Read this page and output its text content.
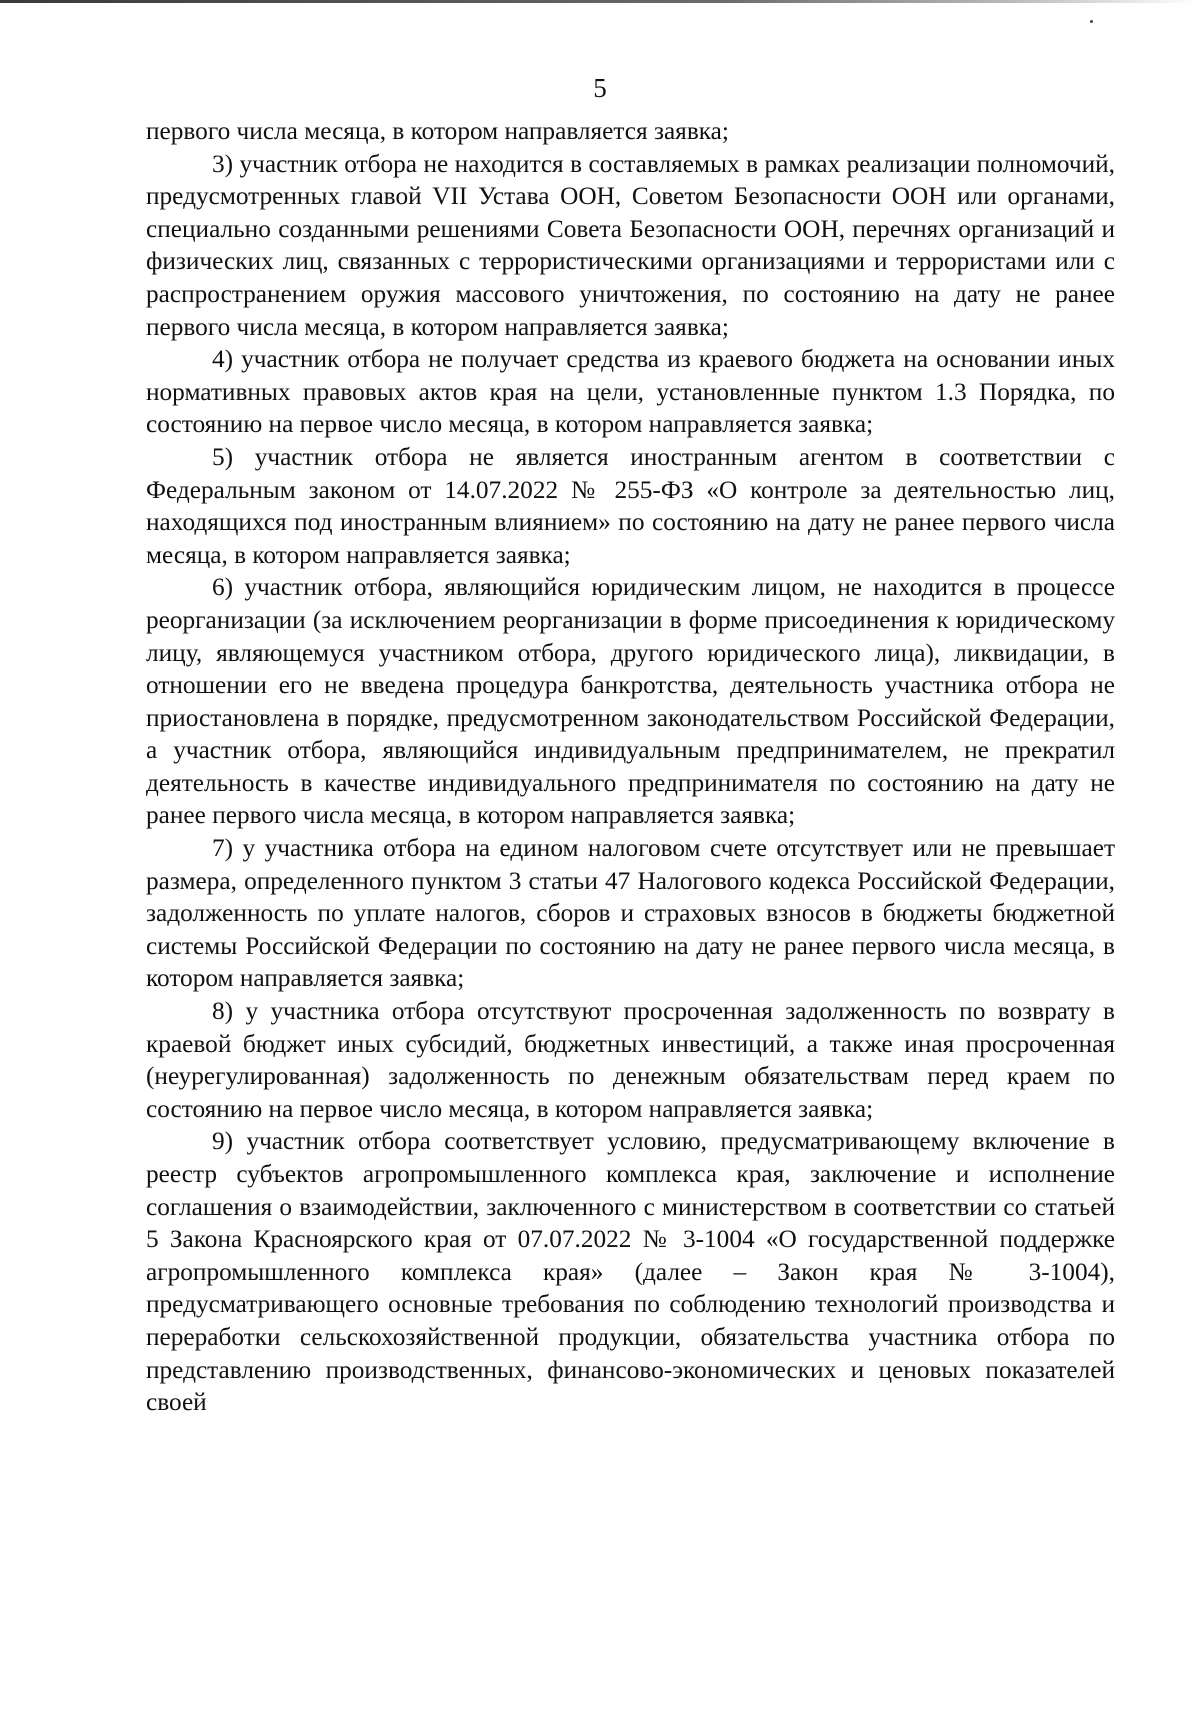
5

первого числа месяца, в котором направляется заявка;

3) участник отбора не находится в составляемых в рамках реализации полномочий, предусмотренных главой VII Устава ООН, Советом Безопасности ООН или органами, специально созданными решениями Совета Безопасности ООН, перечнях организаций и физических лиц, связанных с террористическими организациями и террористами или с распространением оружия массового уничтожения, по состоянию на дату не ранее первого числа месяца, в котором направляется заявка;

4) участник отбора не получает средства из краевого бюджета на основании иных нормативных правовых актов края на цели, установленные пунктом 1.3 Порядка, по состоянию на первое число месяца, в котором направляется заявка;

5) участник отбора не является иностранным агентом в соответствии с Федеральным законом от 14.07.2022 № 255-ФЗ «О контроле за деятельностью лиц, находящихся под иностранным влиянием» по состоянию на дату не ранее первого числа месяца, в котором направляется заявка;

6) участник отбора, являющийся юридическим лицом, не находится в процессе реорганизации (за исключением реорганизации в форме присоединения к юридическому лицу, являющемуся участником отбора, другого юридического лица), ликвидации, в отношении его не введена процедура банкротства, деятельность участника отбора не приостановлена в порядке, предусмотренном законодательством Российской Федерации, а участник отбора, являющийся индивидуальным предпринимателем, не прекратил деятельность в качестве индивидуального предпринимателя по состоянию на дату не ранее первого числа месяца, в котором направляется заявка;

7) у участника отбора на едином налоговом счете отсутствует или не превышает размера, определенного пунктом 3 статьи 47 Налогового кодекса Российской Федерации, задолженность по уплате налогов, сборов и страховых взносов в бюджеты бюджетной системы Российской Федерации по состоянию на дату не ранее первого числа месяца, в котором направляется заявка;

8) у участника отбора отсутствуют просроченная задолженность по возврату в краевой бюджет иных субсидий, бюджетных инвестиций, а также иная просроченная (неурегулированная) задолженность по денежным обязательствам перед краем по состоянию на первое число месяца, в котором направляется заявка;

9) участник отбора соответствует условию, предусматривающему включение в реестр субъектов агропромышленного комплекса края, заключение и исполнение соглашения о взаимодействии, заключенного с министерством в соответствии со статьей 5 Закона Красноярского края от 07.07.2022 № 3-1004 «О государственной поддержке агропромышленного комплекса края» (далее – Закон края № 3-1004), предусматривающего основные требования по соблюдению технологий производства и переработки сельскохозяйственной продукции, обязательства участника отбора по представлению производственных, финансово-экономических и ценовых показателей своей
